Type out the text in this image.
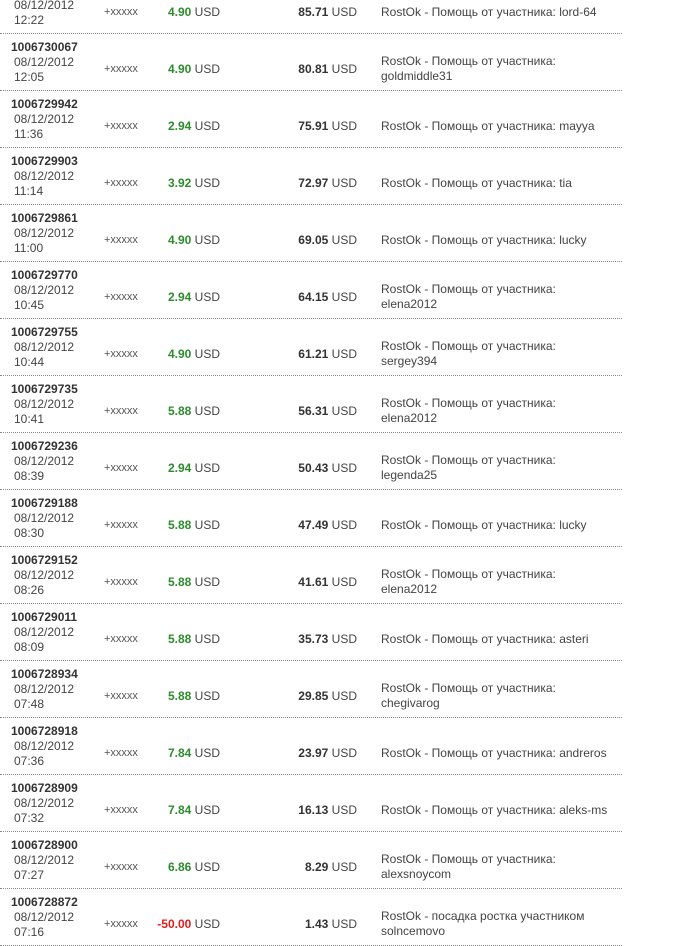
08/12/2012
12:22
+xxxxx	4.90 USD	85.71 USD RostOk - Помощь от участника: lord-64
1006730067
08/12/2012
12:05
+xxxxx	4.90 USD	80.81 USD
RostOk - Помощь от участника:
goldmiddle31
1006729942
08/12/2012
11:36
+xxxxx	2.94 USD	75.91 USD RostOk - Помощь от участника: mayya
1006729903
08/12/2012
11:14
+xxxxx	3.92 USD	72.97 USD RostOk - Помощь от участника: tia
1006729861
08/12/2012
11:00
+xxxxx	4.90 USD	69.05 USD RostOk - Помощь от участника: lucky
1006729770
08/12/2012
10:45
+xxxxx	2.94 USD	64.15 USD
RostOk - Помощь от участника:
elena2012
1006729755
08/12/2012
10:44
+xxxxx	4.90 USD	61.21 USD
RostOk - Помощь от участника:
sergey394
1006729735
08/12/2012
10:41
+xxxxx	5.88 USD	56.31 USD
RostOk - Помощь от участника:
elena2012
1006729236
08/12/2012
08:39
+xxxxx	2.94 USD	50.43 USD
RostOk - Помощь от участника:
legenda25
1006729188
08/12/2012
08:30
+xxxxx	5.88 USD	47.49 USD RostOk - Помощь от участника: lucky
1006729152
08/12/2012
08:26
+xxxxx	5.88 USD	41.61 USD
RostOk - Помощь от участника:
elena2012
1006729011
08/12/2012
08:09
+xxxxx	5.88 USD	35.73 USD RostOk - Помощь от участника: asteri
1006728934
08/12/2012
07:48
+xxxxx	5.88 USD	29.85 USD
RostOk - Помощь от участника:
chegivarog
1006728918
08/12/2012
07:36
+xxxxx	7.84 USD	23.97 USD RostOk - Помощь от участника: andreros
1006728909
08/12/2012
07:32
+xxxxx	7.84 USD	16.13 USD RostOk - Помощь от участника: aleks-ms
1006728900
08/12/2012
07:27
+xxxxx	6.86 USD	8.29 USD
RostOk - Помощь от участника:
alexsnoycom
1006728872
08/12/2012
07:16
+xxxxx -50.00 USD	1.43 USD
RostOk - посадка ростка участником
solncemovo
